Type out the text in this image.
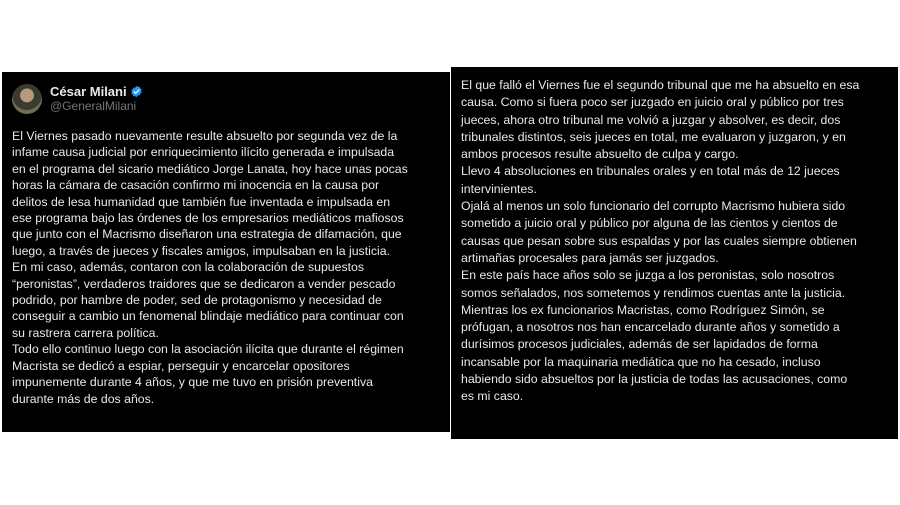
César Milani
@GeneralMilani

El Viernes pasado nuevamente resulte absuelto por segunda vez de la
infame causa judicial por enriquecimiento ilícito generada e impulsada
en el programa del sicario mediático Jorge Lanata, hoy hace unas pocas
horas la cámara de casación confirmo mi inocencia en la causa por
delitos de lesa humanidad que también fue inventada e impulsada en
ese programa bajo las órdenes de los empresarios mediáticos mafiosos
que junto con el Macrismo diseñaron una estrategia de difamación, que
luego, a través de jueces y fiscales amigos, impulsaban en la justicia.

En mi caso, además, contaron con la colaboración de supuestos
“peronistas”, verdaderos traidores que se dedicaron a vender pescado
podrido, por hambre de poder, sed de protagonismo y necesidad de
conseguir a cambio un fenomenal blindaje mediático para continuar con
su rastrera carrera política.

Todo ello continuo luego con la asociación ilícita que durante el régimen
Macrista se dedicó a espiar, perseguir y encarcelar opositores
impunemente durante 4 años, y que me tuvo en prisión preventiva
durante más de dos años.

El que falló el Viernes fue el segundo tribunal que me ha absuelto en esa
causa. Como si fuera poco ser juzgado en juicio oral y público por tres
jueces, ahora otro tribunal me volvió a juzgar y absolver, es decir, dos
tribunales distintos, seis jueces en total, me evaluaron y juzgaron, y en
ambos procesos resulte absuelto de culpa y cargo.

Llevo 4 absoluciones en tribunales orales y en total más de 12 jueces
intervinientes.

Ojalá al menos un solo funcionario del corrupto Macrismo hubiera sido
sometido a juicio oral y público por alguna de las cientos y cientos de
causas que pesan sobre sus espaldas y por las cuales siempre obtienen
artimañas procesales para jamás ser juzgados.

En este país hace años solo se juzga a los peronistas, solo nosotros
somos señalados, nos sometemos y rendimos cuentas ante la justicia.

Mientras los ex funcionarios Macristas, como Rodríguez Simón, se
prófugan, a nosotros nos han encarcelado durante años y sometido a
durísimos procesos judiciales, además de ser lapidados de forma
incansable por la maquinaria mediática que no ha cesado, incluso
habiendo sido absueltos por la justicia de todas las acusaciones, como
es mi caso.
